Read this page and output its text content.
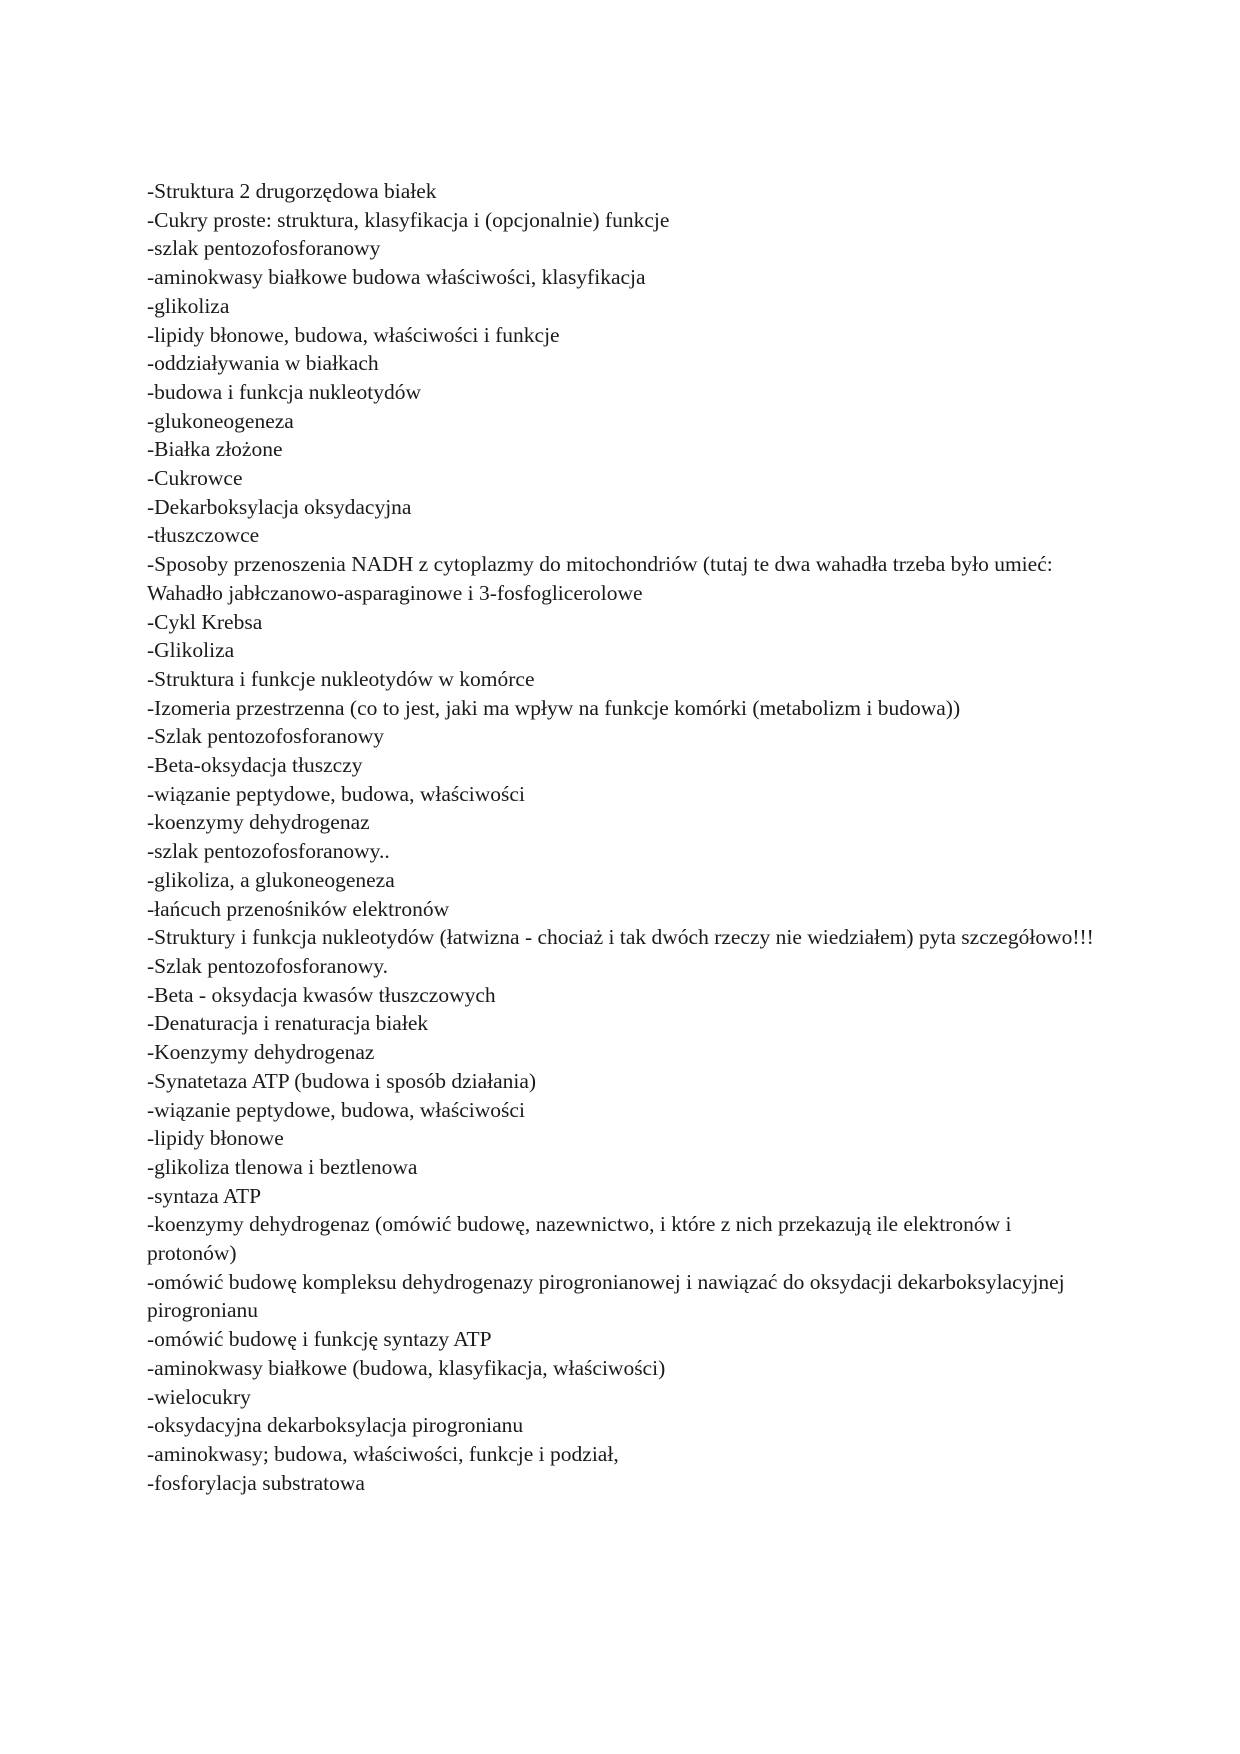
-Struktura 2 drugorzędowa białek

-Cukry proste: struktura, klasyfikacja i (opcjonalnie) funkcje

-szlak pentozofosforanowy

-aminokwasy białkowe budowa właściwości, klasyfikacja

-glikoliza

-lipidy błonowe, budowa, właściwości i funkcje

-oddziaływania w białkach

-budowa i funkcja nukleotydów

-glukoneogeneza

-Białka złożone

-Cukrowce

-Dekarboksylacja oksydacyjna

-tłuszczowce

-Sposoby przenoszenia NADH z cytoplazmy do mitochondriów (tutaj te dwa wahadła trzeba było umieć: Wahadło jabłczanowo-asparaginowe i 3-fosfoglicerolowe

-Cykl Krebsa

-Glikoliza

-Struktura i funkcje nukleotydów w komórce

-Izomeria przestrzenna (co to jest, jaki ma wpływ na funkcje komórki (metabolizm i budowa))

-Szlak pentozofosforanowy

-Beta-oksydacja tłuszczy

-wiązanie peptydowe, budowa, właściwości

-koenzymy dehydrogenaz

-szlak pentozofosforanowy..

-glikoliza, a glukoneogeneza

-łańcuch przenośników elektronów

-Struktury i funkcja nukleotydów (łatwizna - chociaż i tak dwóch rzeczy nie wiedziałem) pyta szczegółowo!!!

-Szlak pentozofosforanowy.

-Beta - oksydacja kwasów tłuszczowych

-Denaturacja i renaturacja białek

-Koenzymy dehydrogenaz

-Synatetaza ATP (budowa i sposób działania)

-wiązanie peptydowe, budowa, właściwości

-lipidy błonowe

-glikoliza tlenowa i beztlenowa

-syntaza ATP

-koenzymy dehydrogenaz (omówić budowę, nazewnictwo, i które z nich przekazują ile elektronów i protonów)

-omówić budowę kompleksu dehydrogenazy pirogronianowej i nawiązać do oksydacji dekarboksylacyjnej pirogronianu

-omówić budowę i funkcję syntazy ATP

-aminokwasy białkowe (budowa, klasyfikacja, właściwości)

-wielocukry

-oksydacyjna dekarboksylacja pirogronianu

-aminokwasy; budowa, właściwości, funkcje i podział,

-fosforylacja substratowa
